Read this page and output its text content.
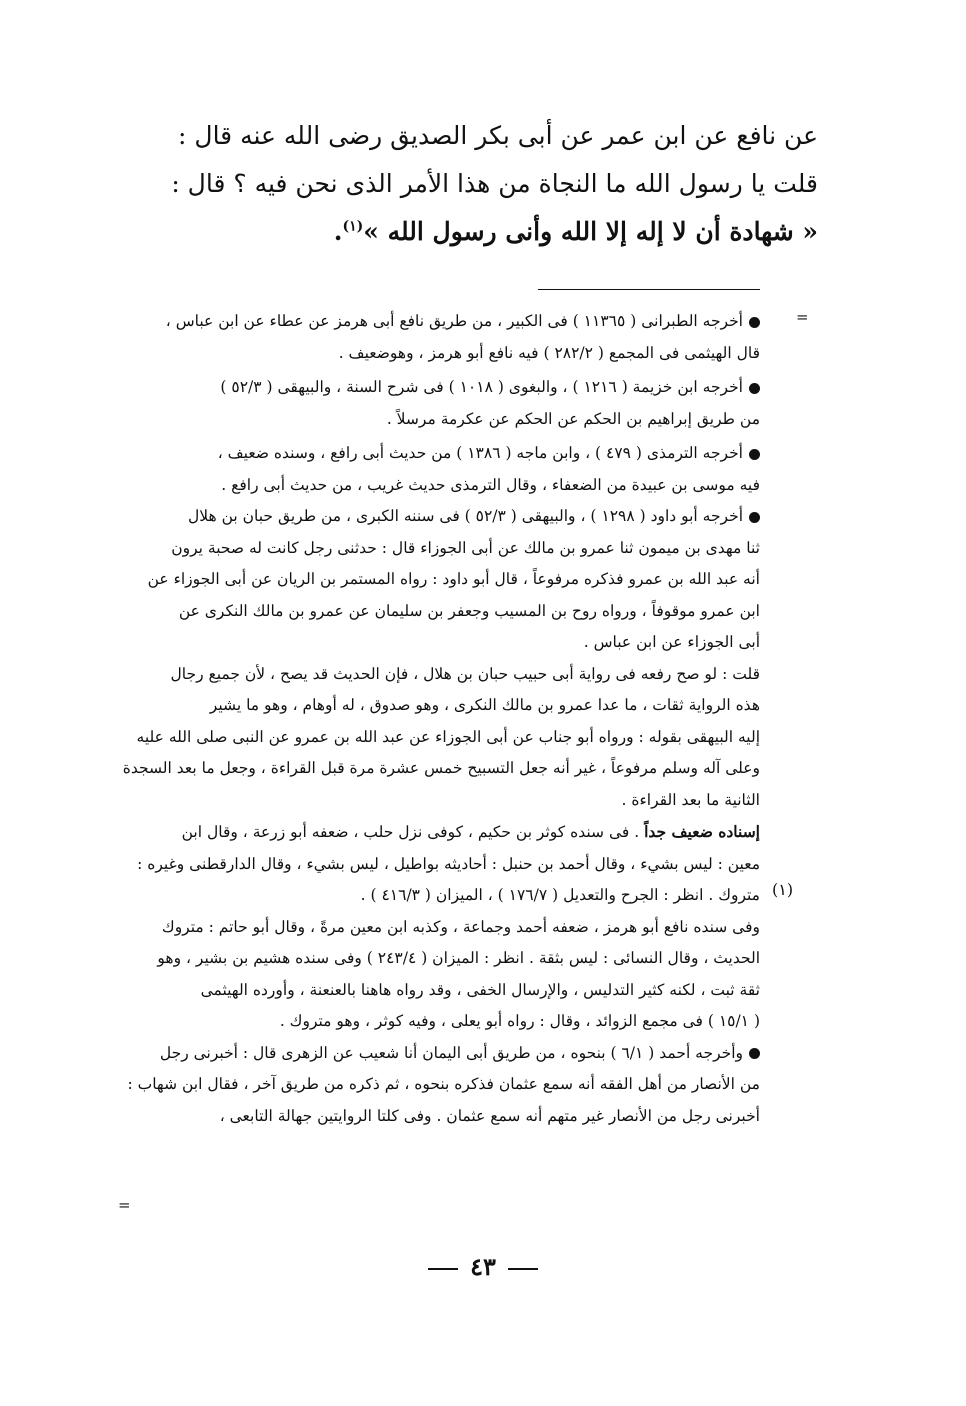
عن نافع عن ابن عمر عن أبى بكر الصديق رضى الله عنه قال :
قلت يا رسول الله ما النجاة من هذا الأمر الذى نحن فيه ؟ قال :
« شهادة أن لا إله إلا الله وأنى رسول الله »$^{(١)}$.
=
أخرجه الطبرانى ( ١١٣٦٥ ) فى الكبير ، من طريق نافع أبى هرمز عن عطاء عن ابن عباس ،
قال الهيثمى فى المجمع ( ٢٨٢/٢ ) فيه نافع أبو هرمز ، وهوضعيف .
أخرجه ابن خزيمة ( ١٢١٦ ) ، والبغوى ( ١٠١٨ ) فى شرح السنة ، والبيهقى ( ٥٢/٣ )
من طريق إبراهيم بن الحكم عن الحكم عن عكرمة مرسلاً .
أخرجه الترمذى ( ٤٧٩ ) ، وابن ماجه ( ١٣٨٦ ) من حديث أبى رافع ، وسنده ضعيف ،
فيه موسى بن عبيدة من الضعفاء ، وقال الترمذى حديث غريب ، من حديث أبى رافع .
أخرجه أبو داود ( ١٢٩٨ ) ، والبيهقى ( ٥٢/٣ ) فى سننه الكبرى ، من طريق حبان بن هلال
ثنا مهدى بن ميمون ثنا عمرو بن مالك عن أبى الجوزاء قال : حدثنى رجل كانت له صحبة يرون
أنه عبد الله بن عمرو فذكره مرفوعاً ، قال أبو داود : رواه المستمر بن الريان عن أبى الجوزاء عن
ابن عمرو موقوفاً ، ورواه روح بن المسيب وجعفر بن سليمان عن عمرو بن مالك النكرى عن
أبى الجوزاء عن ابن عباس .
قلت : لو صح رفعه فى رواية أبى حبيب حبان بن هلال ، فإن الحديث قد يصح ، لأن جميع رجال
هذه الرواية ثقات ، ما عدا عمرو بن مالك النكرى ، وهو صدوق ، له أوهام ، وهو ما يشير
إليه البيهقى بقوله : ورواه أبو جناب عن أبى الجوزاء عن عبد الله بن عمرو عن النبى صلى الله عليه
وعلى آله وسلم مرفوعاً ، غير أنه جعل التسبيح خمس عشرة مرة قبل القراءة ، وجعل ما بعد السجدة
الثانية ما بعد القراءة .
إسناده ضعيف جداً . فى سنده كوثر بن حكيم ، كوفى نزل حلب ، ضعفه أبو زرعة ، وقال ابن
معين : ليس بشيء ، وقال أحمد بن حنبل : أحاديثه بواطيل ، ليس بشيء ، وقال الدارقطنى وغيره :
متروك . انظر : الجرح والتعديل ( ١٧٦/٧ ) ، الميزان ( ٤١٦/٣ ) .
وفى سنده نافع أبو هرمز ، ضعفه أحمد وجماعة ، وكذبه ابن معين مرةً ، وقال أبو حاتم : متروك
الحديث ، وقال النسائى : ليس بثقة . انظر : الميزان ( ٢٤٣/٤ ) وفى سنده هشيم بن بشير ، وهو
ثقة ثبت ، لكنه كثير التدليس ، والإرسال الخفى ، وقد رواه هاهنا بالعنعنة ، وأورده الهيثمى
( ١٥/١ ) فى مجمع الزوائد ، وقال : رواه أبو يعلى ، وفيه كوثر ، وهو متروك .
وأخرجه أحمد ( ٦/١ ) بنحوه ، من طريق أبى اليمان أنا شعيب عن الزهرى قال : أخبرنى رجل
من الأنصار من أهل الفقه أنه سمع عثمان فذكره بنحوه ، ثم ذكره من طريق آخر ، فقال ابن شهاب :
أخبرنى رجل من الأنصار غير متهم أنه سمع عثمان . وفى كلتا الروايتين جهالة التابعى ،
(١)
=
٤٣
